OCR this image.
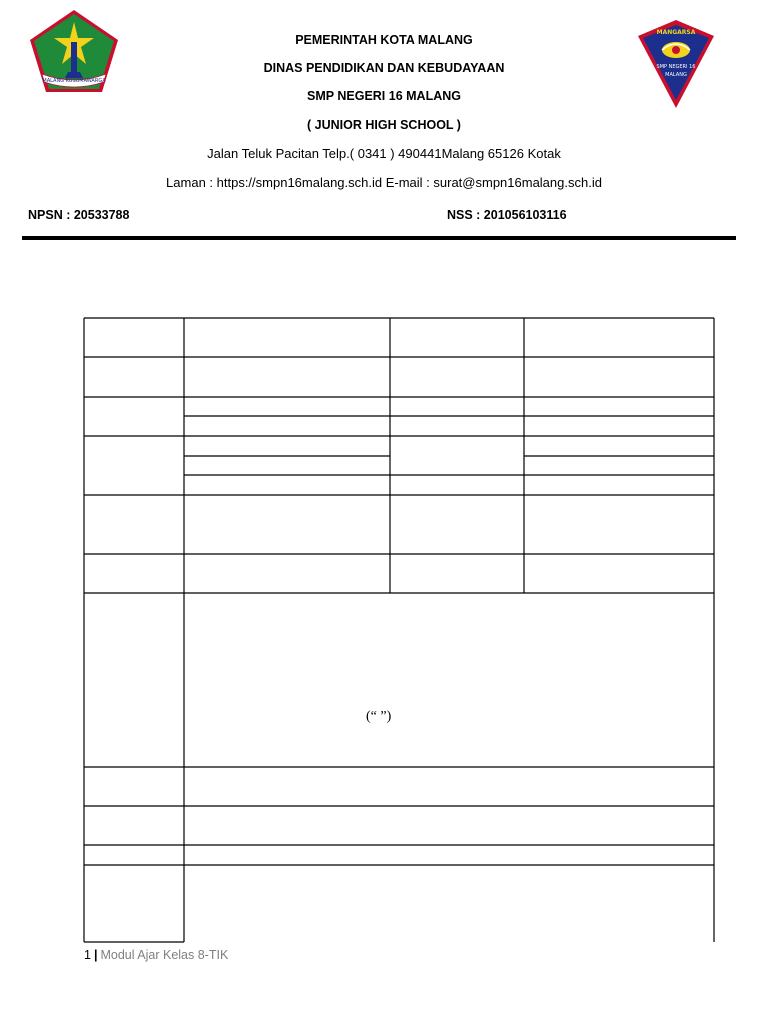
MALANG KUSUMAWARGA
MANGARSA
SMP NEGERI 16
MALANG
PEMERINTAH KOTA MALANG
DINAS PENDIDIKAN DAN KEBUDAYAAN
SMP NEGERI 16 MALANG
( JUNIOR HIGH SCHOOL )
Jalan Teluk Pacitan Telp.( 0341 ) 490441Malang 65126 Kotak
Laman : https://smpn16malang.sch.id E-mail : surat@smpn16malang.sch.id
NPSN : 20533788	NSS : 201056103116
(“ ”)
1 | Modul Ajar Kelas 8-TIK
